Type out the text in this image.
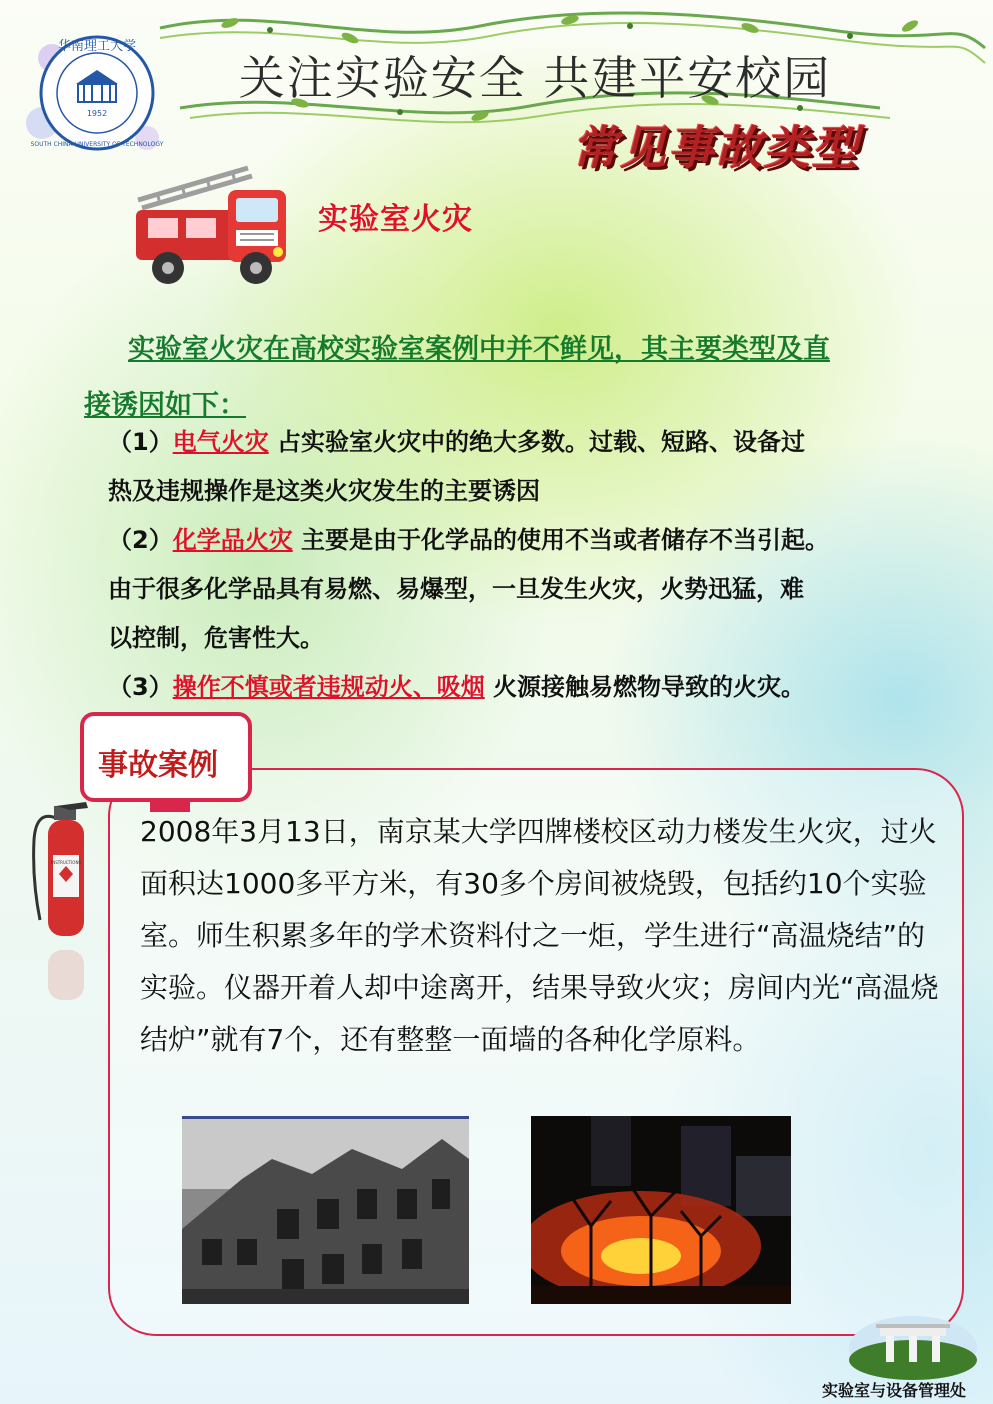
华南理工大学
SOUTH CHINA UNIVERSITY OF TECHNOLOGY
1952
关注实验安全 共建平安校园
常见事故类型
实验室火灾
实验室火灾在高校实验室案例中并不鲜见，其主要类型及直
接诱因如下：

（1）电气火灾 占实验室火灾中的绝大多数。过载、短路、设备过

热及违规操作是这类火灾发生的主要诱因

（2）化学品火灾 主要是由于化学品的使用不当或者储存不当引起。

由于很多化学品具有易燃、易爆型，一旦发生火灾，火势迅猛，难

以控制，危害性大。

（3）操作不慎或者违规动火、吸烟 火源接触易燃物导致的火灾。

事故案例
INSTRUCTIONS
2008年3月13日，南京某大学四牌楼校区动力楼发生火灾，过火面积达1000多平方米，有30多个房间被烧毁，包括约10个实验室。师生积累多年的学术资料付之一炬，学生进行“高温烧结”的实验。仪器开着人却中途离开，结果导致火灾；房间内光“高温烧结炉”就有7个，还有整整一面墙的各种化学原料。
实验室与设备管理处
